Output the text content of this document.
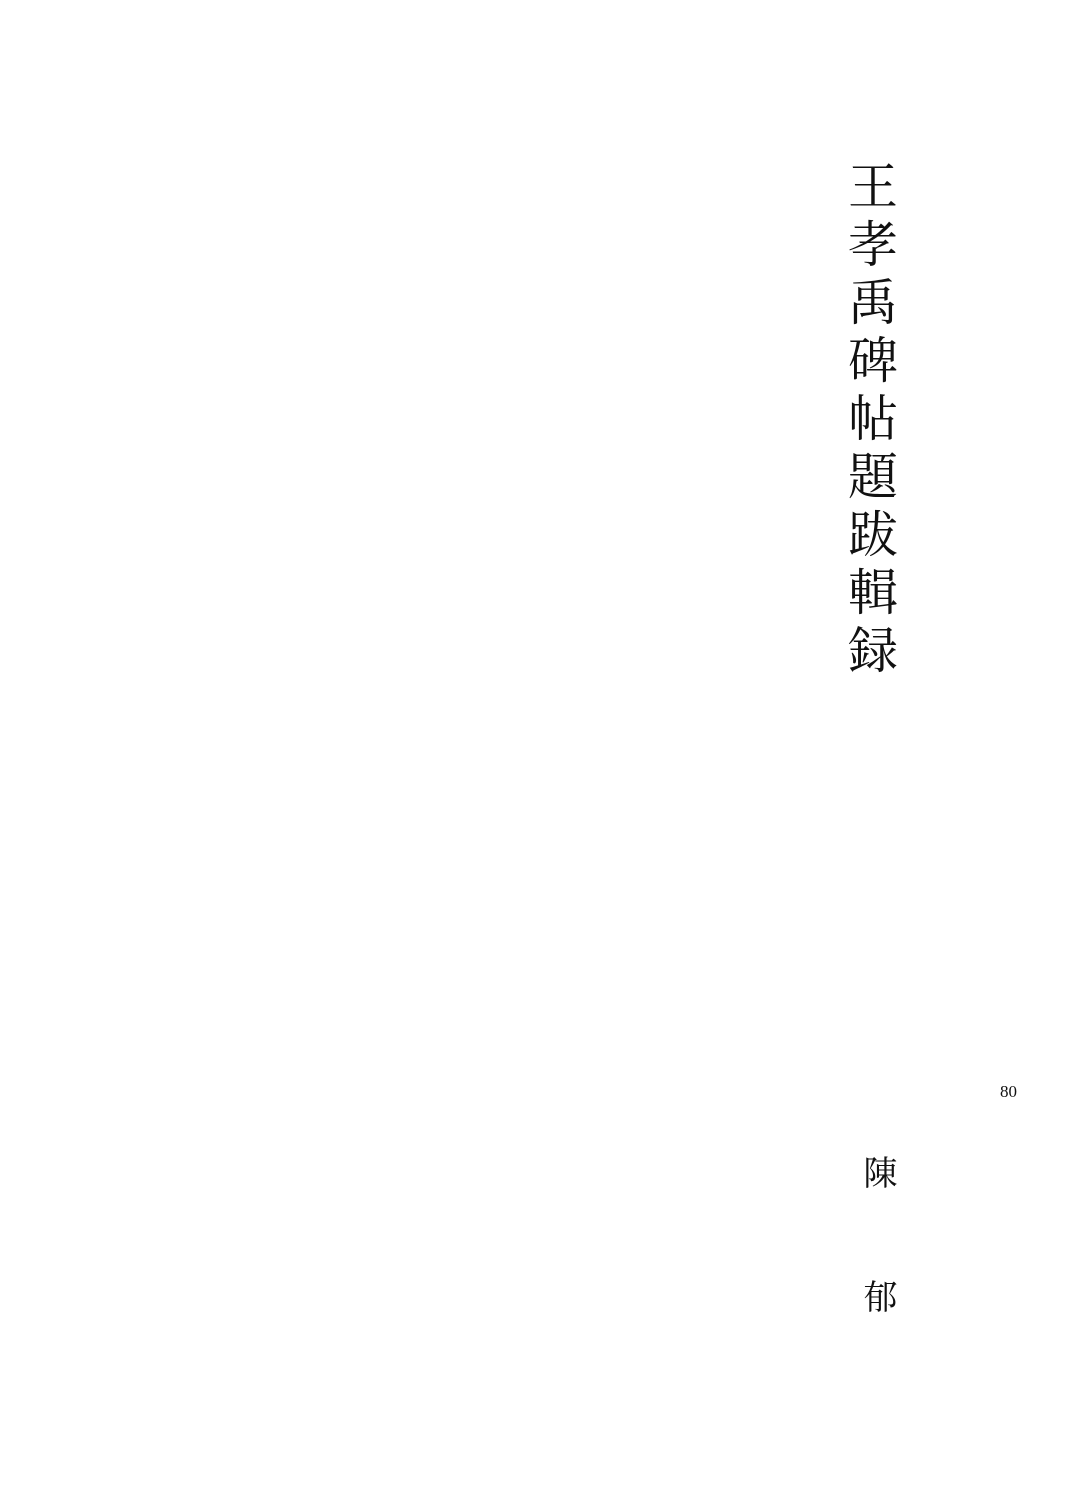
王孝禹碑帖題跋輯録
陳　郁
80
